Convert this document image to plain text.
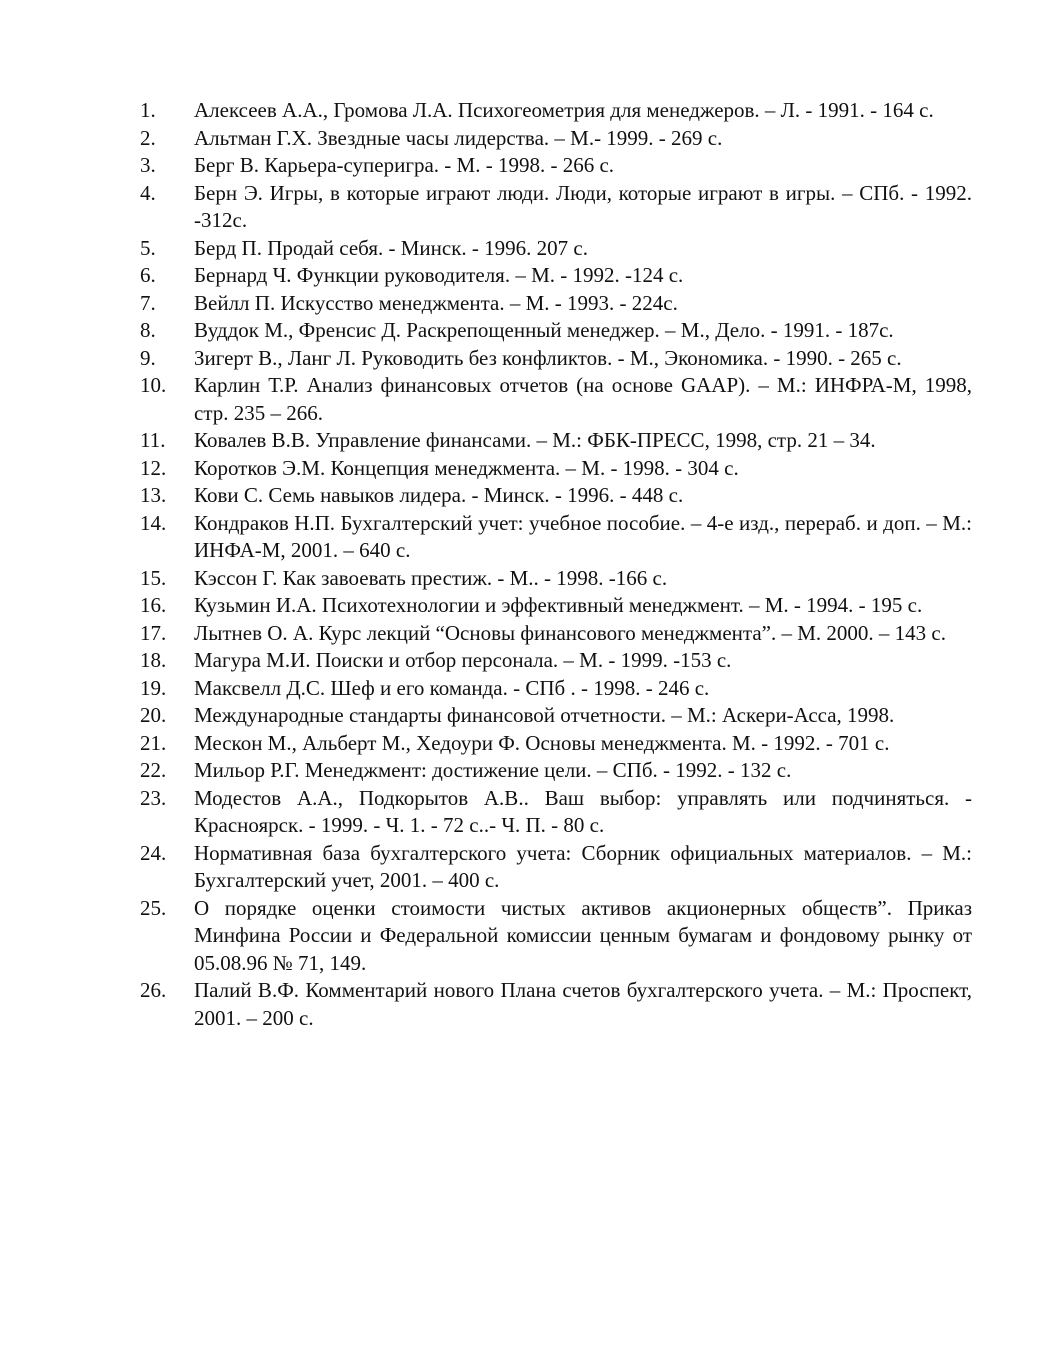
1.	Алексеев А.А., Громова Л.А. Психогеометрия для менеджеров. – Л. - 1991. - 164 с.
2.	Альтман Г.Х. Звездные часы лидерства. – М.- 1999. - 269 с.
3.	Берг В. Карьера-суперигра. - М. - 1998. - 266 с.
4.	Берн Э. Игры, в которые играют люди. Люди, которые играют в игры. – СПб. - 1992. -312с.
5.	Берд П. Продай себя. - Минск. - 1996. 207 с.
6.	Бернард Ч. Функции руководителя. – М. - 1992. -124 с.
7.	Вейлл П. Искусство менеджмента. – М. - 1993. - 224с.
8.	Вуддок М., Френсис Д. Раскрепощенный менеджер. – М., Дело. - 1991. - 187с.
9.	Зигерт В., Ланг Л. Руководить без конфликтов. - М., Экономика. - 1990. - 265 с.
10.	Карлин Т.Р. Анализ финансовых отчетов (на основе GAAP). – М.: ИНФРА-М, 1998, стр. 235 – 266.
11.	Ковалев В.В. Управление финансами. – М.: ФБК-ПРЕСС, 1998, стр. 21 – 34.
12.	Коротков Э.М. Концепция менеджмента. – М. - 1998. - 304 с.
13.	Кови С. Семь навыков лидера. - Минск. - 1996. - 448 с.
14.	Кондраков Н.П. Бухгалтерский учет: учебное пособие. – 4-е изд., перераб. и доп. – М.: ИНФА-М, 2001. – 640 с.
15.	Кэссон Г. Как завоевать престиж. - М.. - 1998. -166 с.
16.	Кузьмин И.А. Психотехнологии и эффективный менеджмент. – М. - 1994. - 195 с.
17.	Лытнев О. А. Курс лекций “Основы финансового менеджмента”. – М. 2000. – 143 с.
18.	Магура М.И. Поиски и отбор персонала. – М. - 1999. -153 с.
19.	Максвелл Д.С. Шеф и его команда. - СПб . - 1998. - 246 с.
20.	Международные стандарты финансовой отчетности. – М.: Аскери-Асса, 1998.
21.	Мескон М., Альберт М., Хедоури Ф. Основы менеджмента. М. - 1992. - 701 с.
22.	Мильор Р.Г. Менеджмент: достижение цели. – СПб. - 1992. - 132 с.
23.	Модестов А.А., Подкорытов А.В.. Ваш выбор: управлять или подчиняться. - Красноярск. - 1999. - Ч. 1. - 72 с..- Ч. П. - 80 с.
24.	Нормативная база бухгалтерского учета: Сборник официальных материалов. – М.: Бухгалтерский учет, 2001. – 400 с.
25.	О порядке оценки стоимости чистых активов акционерных обществ”. Приказ Минфина России и Федеральной комиссии ценным бумагам и фондовому рынку от 05.08.96 № 71, 149.
26.	Палий В.Ф. Комментарий нового Плана счетов бухгалтерского учета. – М.: Проспект, 2001. – 200 с.
